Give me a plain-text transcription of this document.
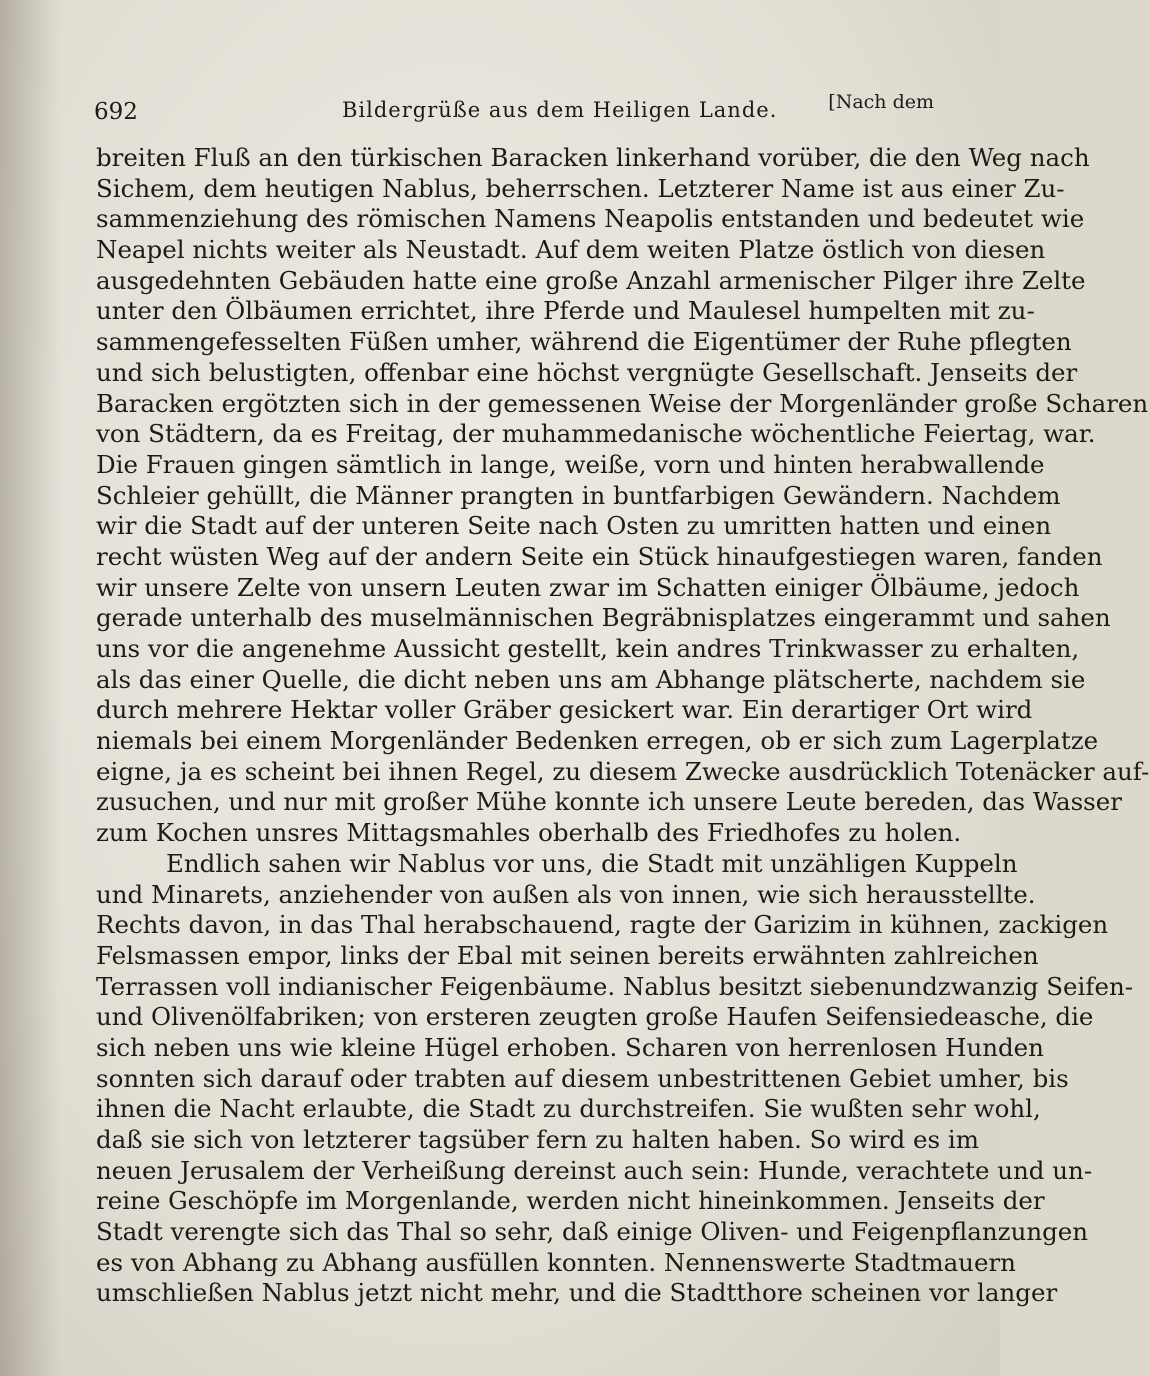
692	Bildergrüße aus dem Heiligen Lande.	[Nach dem
breiten Fluß an den türkischen Baracken linkerhand vorüber, die den Weg nach
Sichem, dem heutigen Nablus, beherrschen. Letzterer Name ist aus einer Zu-
sammenziehung des römischen Namens Neapolis entstanden und bedeutet wie
Neapel nichts weiter als Neustadt. Auf dem weiten Platze östlich von diesen
ausgedehnten Gebäuden hatte eine große Anzahl armenischer Pilger ihre Zelte
unter den Ölbäumen errichtet, ihre Pferde und Maulesel humpelten mit zu-
sammengefesselten Füßen umher, während die Eigentümer der Ruhe pflegten
und sich belustigten, offenbar eine höchst vergnügte Gesellschaft. Jenseits der
Baracken ergötzten sich in der gemessenen Weise der Morgenländer große Scharen
von Städtern, da es Freitag, der muhammedanische wöchentliche Feiertag, war.
Die Frauen gingen sämtlich in lange, weiße, vorn und hinten herabwallende
Schleier gehüllt, die Männer prangten in buntfarbigen Gewändern. Nachdem
wir die Stadt auf der unteren Seite nach Osten zu umritten hatten und einen
recht wüsten Weg auf der andern Seite ein Stück hinaufgestiegen waren, fanden
wir unsere Zelte von unsern Leuten zwar im Schatten einiger Ölbäume, jedoch
gerade unterhalb des muselmännischen Begräbnisplatzes eingerammt und sahen
uns vor die angenehme Aussicht gestellt, kein andres Trinkwasser zu erhalten,
als das einer Quelle, die dicht neben uns am Abhange plätscherte, nachdem sie
durch mehrere Hektar voller Gräber gesickert war. Ein derartiger Ort wird
niemals bei einem Morgenländer Bedenken erregen, ob er sich zum Lagerplatze
eigne, ja es scheint bei ihnen Regel, zu diesem Zwecke ausdrücklich Totenäcker auf-
zusuchen, und nur mit großer Mühe konnte ich unsere Leute bereden, das Wasser
zum Kochen unsres Mittagsmahles oberhalb des Friedhofes zu holen.
Endlich sahen wir Nablus vor uns, die Stadt mit unzähligen Kuppeln
und Minarets, anziehender von außen als von innen, wie sich herausstellte.
Rechts davon, in das Thal herabschauend, ragte der Garizim in kühnen, zackigen
Felsmassen empor, links der Ebal mit seinen bereits erwähnten zahlreichen
Terrassen voll indianischer Feigenbäume. Nablus besitzt siebenundzwanzig Seifen-
und Olivenölfabriken; von ersteren zeugten große Haufen Seifensiedeasche, die
sich neben uns wie kleine Hügel erhoben. Scharen von herrenlosen Hunden
sonnten sich darauf oder trabten auf diesem unbestrittenen Gebiet umher, bis
ihnen die Nacht erlaubte, die Stadt zu durchstreifen. Sie wußten sehr wohl,
daß sie sich von letzterer tagsüber fern zu halten haben. So wird es im
neuen Jerusalem der Verheißung dereinst auch sein: Hunde, verachtete und un-
reine Geschöpfe im Morgenlande, werden nicht hineinkommen. Jenseits der
Stadt verengte sich das Thal so sehr, daß einige Oliven- und Feigenpflanzungen
es von Abhang zu Abhang ausfüllen konnten. Nennenswerte Stadtmauern
umschließen Nablus jetzt nicht mehr, und die Stadtthore scheinen vor langer
